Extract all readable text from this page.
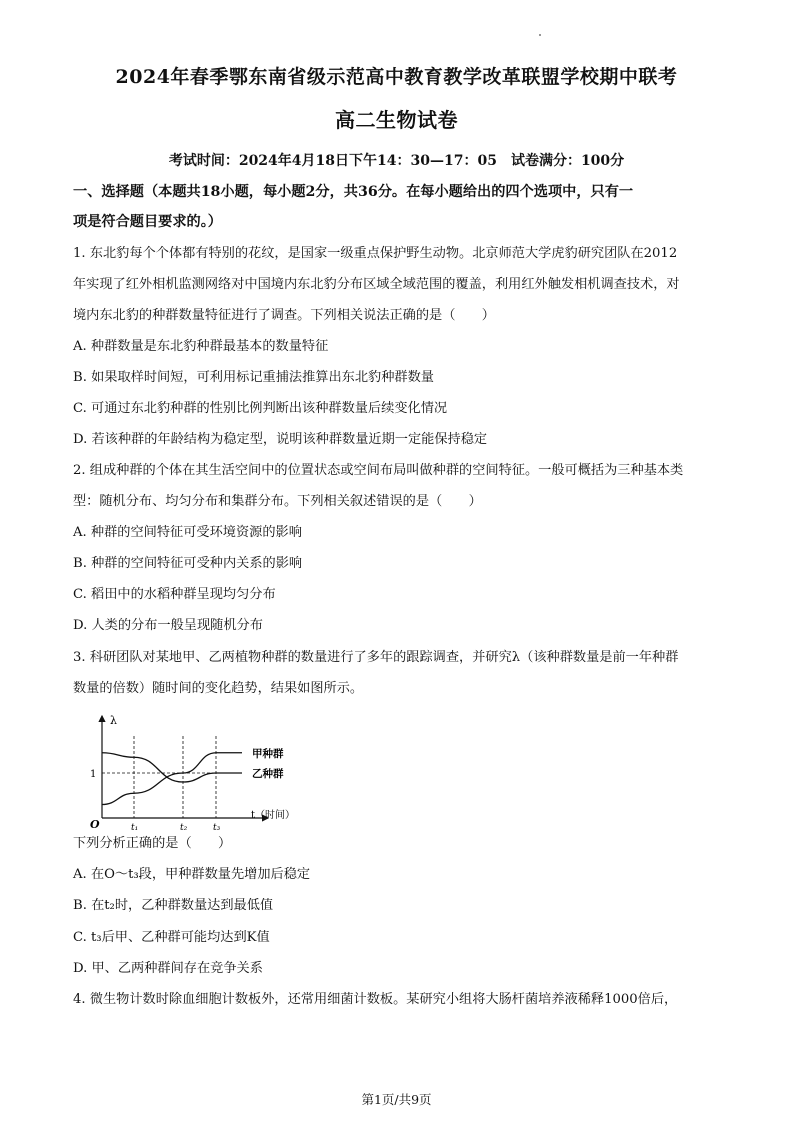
2024年春季鄂东南省级示范高中教育教学改革联盟学校期中联考
高二生物试卷
考试时间：2024年4月18日下午14：30—17：05　试卷满分：100分
一、选择题（本题共18小题，每小题2分，共36分。在每小题给出的四个选项中，只有一
项是符合题目要求的。）
1. 东北豹每个个体都有特别的花纹，是国家一级重点保护野生动物。北京师范大学虎豹研究团队在2012
年实现了红外相机监测网络对中国境内东北豹分布区域全域范围的覆盖，利用红外触发相机调查技术，对
境内东北豹的种群数量特征进行了调查。下列相关说法正确的是（　　）
A. 种群数量是东北豹种群最基本的数量特征
B. 如果取样时间短，可利用标记重捕法推算出东北豹种群数量
C. 可通过东北豹种群的性别比例判断出该种群数量后续变化情况
D. 若该种群的年龄结构为稳定型，说明该种群数量近期一定能保持稳定
2. 组成种群的个体在其生活空间中的位置状态或空间布局叫做种群的空间特征。一般可概括为三种基本类
型：随机分布、均匀分布和集群分布。下列相关叙述错误的是（　　）
A. 种群的空间特征可受环境资源的影响
B. 种群的空间特征可受种内关系的影响
C. 稻田中的水稻种群呈现均匀分布
D. 人类的分布一般呈现随机分布
3. 科研团队对某地甲、乙两植物种群的数量进行了多年的跟踪调查，并研究λ（该种群数量是前一年种群
数量的倍数）随时间的变化趋势，结果如图所示。
λ
O
t（时间）
1
t₁	t₂	t₃
甲种群
乙种群
下列分析正确的是（　　）
A. 在O～t₃段，甲种群数量先增加后稳定
B. 在t₂时，乙种群数量达到最低值
C. t₃后甲、乙种群可能均达到K值
D. 甲、乙两种群间存在竞争关系
4. 微生物计数时除血细胞计数板外，还常用细菌计数板。某研究小组将大肠杆菌培养液稀释1000倍后，
第1页/共9页
